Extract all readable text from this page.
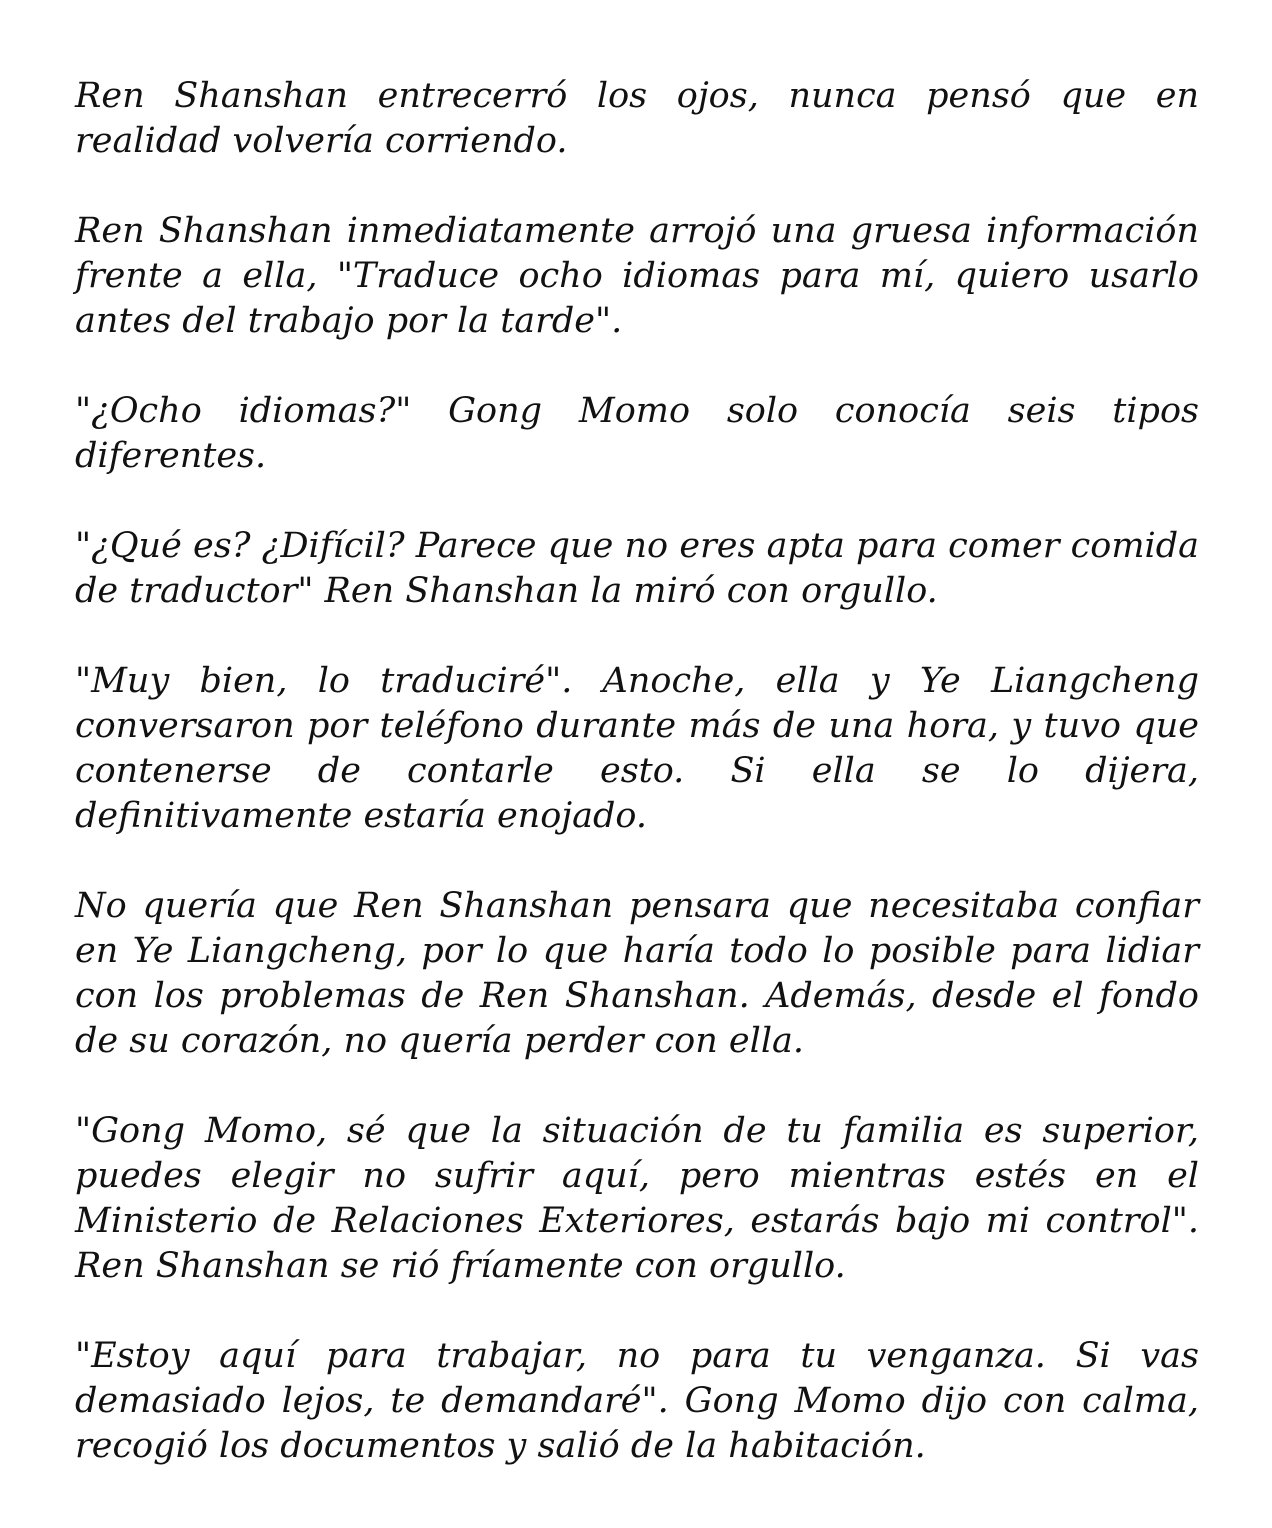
Ren Shanshan entrecerró los ojos, nunca pensó que en realidad volvería corriendo.

Ren Shanshan inmediatamente arrojó una gruesa información frente a ella, "Traduce ocho idiomas para mí, quiero usarlo antes del trabajo por la tarde".

"¿Ocho idiomas?" Gong Momo solo conocía seis tipos diferentes.

"¿Qué es? ¿Difícil? Parece que no eres apta para comer comida de traductor" Ren Shanshan la miró con orgullo.

"Muy bien, lo traduciré". Anoche, ella y Ye Liangcheng conversaron por teléfono durante más de una hora, y tuvo que contenerse de contarle esto. Si ella se lo dijera, definitivamente estaría enojado.

No quería que Ren Shanshan pensara que necesitaba confiar en Ye Liangcheng, por lo que haría todo lo posible para lidiar con los problemas de Ren Shanshan. Además, desde el fondo de su corazón, no quería perder con ella.

"Gong Momo, sé que la situación de tu familia es superior, puedes elegir no sufrir aquí, pero mientras estés en el Ministerio de Relaciones Exteriores, estarás bajo mi control". Ren Shanshan se rió fríamente con orgullo.

"Estoy aquí para trabajar, no para tu venganza. Si vas demasiado lejos, te demandaré". Gong Momo dijo con calma, recogió los documentos y salió de la habitación.
